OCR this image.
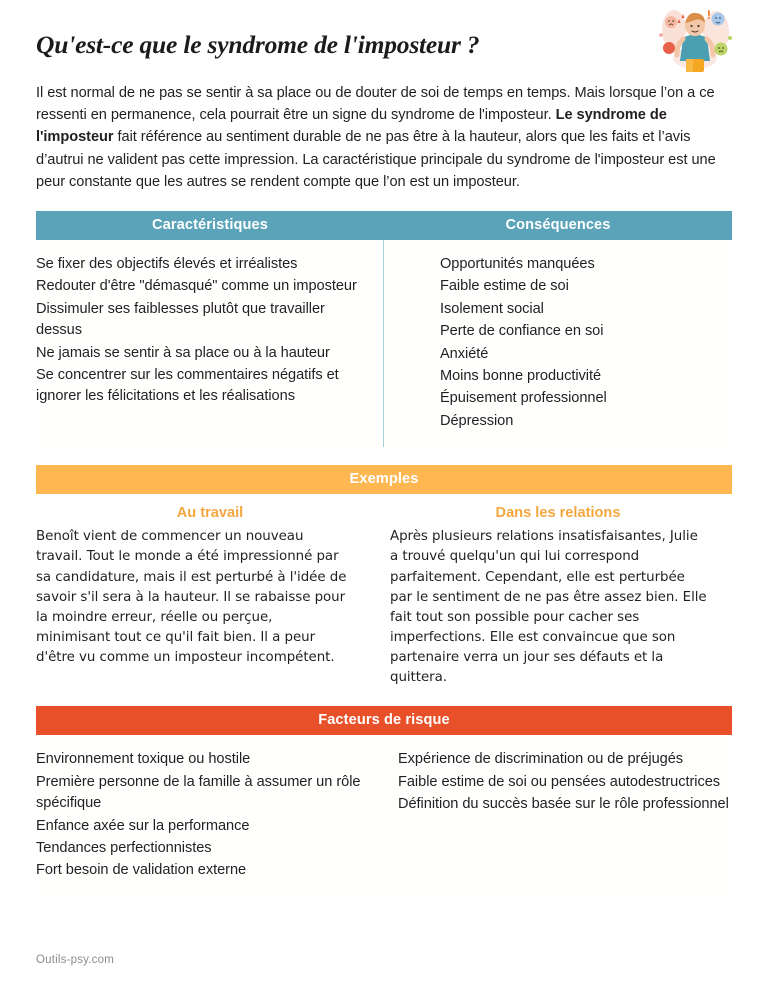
Qu'est-ce que le syndrome de l'imposteur ?

Il est normal de ne pas se sentir à sa place ou de douter de soi de temps en temps. Mais lorsque l’on a ce ressenti en permanence, cela pourrait être un signe du syndrome de l'imposteur. Le syndrome de l'imposteur fait référence au sentiment durable de ne pas être à la hauteur, alors que les faits et l’avis d’autrui ne valident pas cette impression. La caractéristique principale du syndrome de l'imposteur est une peur constante que les autres se rendent compte que l’on est un imposteur.

Caractéristiques	Conséquences
Se fixer des objectifs élevés et irréalistes
Redouter d'être "démasqué" comme un imposteur
Dissimuler ses faiblesses plutôt que travailler dessus
Ne jamais se sentir à sa place ou à la hauteur
Se concentrer sur les commentaires négatifs et ignorer les félicitations et les réalisations
Opportunités manquées
Faible estime de soi
Isolement social
Perte de confiance en soi
Anxiété
Moins bonne productivité
Épuisement professionnel
Dépression
Exemples
Au travail	Dans les relations
Benoît vient de commencer un nouveau travail. Tout le monde a été impressionné par sa candidature, mais il est perturbé à l'idée de savoir s'il sera à la hauteur. Il se rabaisse pour la moindre erreur, réelle ou perçue, minimisant tout ce qu'il fait bien. Il a peur d'être vu comme un imposteur incompétent.
Après plusieurs relations insatisfaisantes, Julie a trouvé quelqu'un qui lui correspond parfaitement. Cependant, elle est perturbée par le sentiment de ne pas être assez bien. Elle fait tout son possible pour cacher ses imperfections. Elle est convaincue que son partenaire verra un jour ses défauts et la quittera.
Facteurs de risque
Environnement toxique ou hostile
Première personne de la famille à assumer un rôle spécifique
Enfance axée sur la performance
Tendances perfectionnistes
Fort besoin de validation externe
Expérience de discrimination ou de préjugés
Faible estime de soi ou pensées autodestructrices
Définition du succès basée sur le rôle professionnel
Outils-psy.com
